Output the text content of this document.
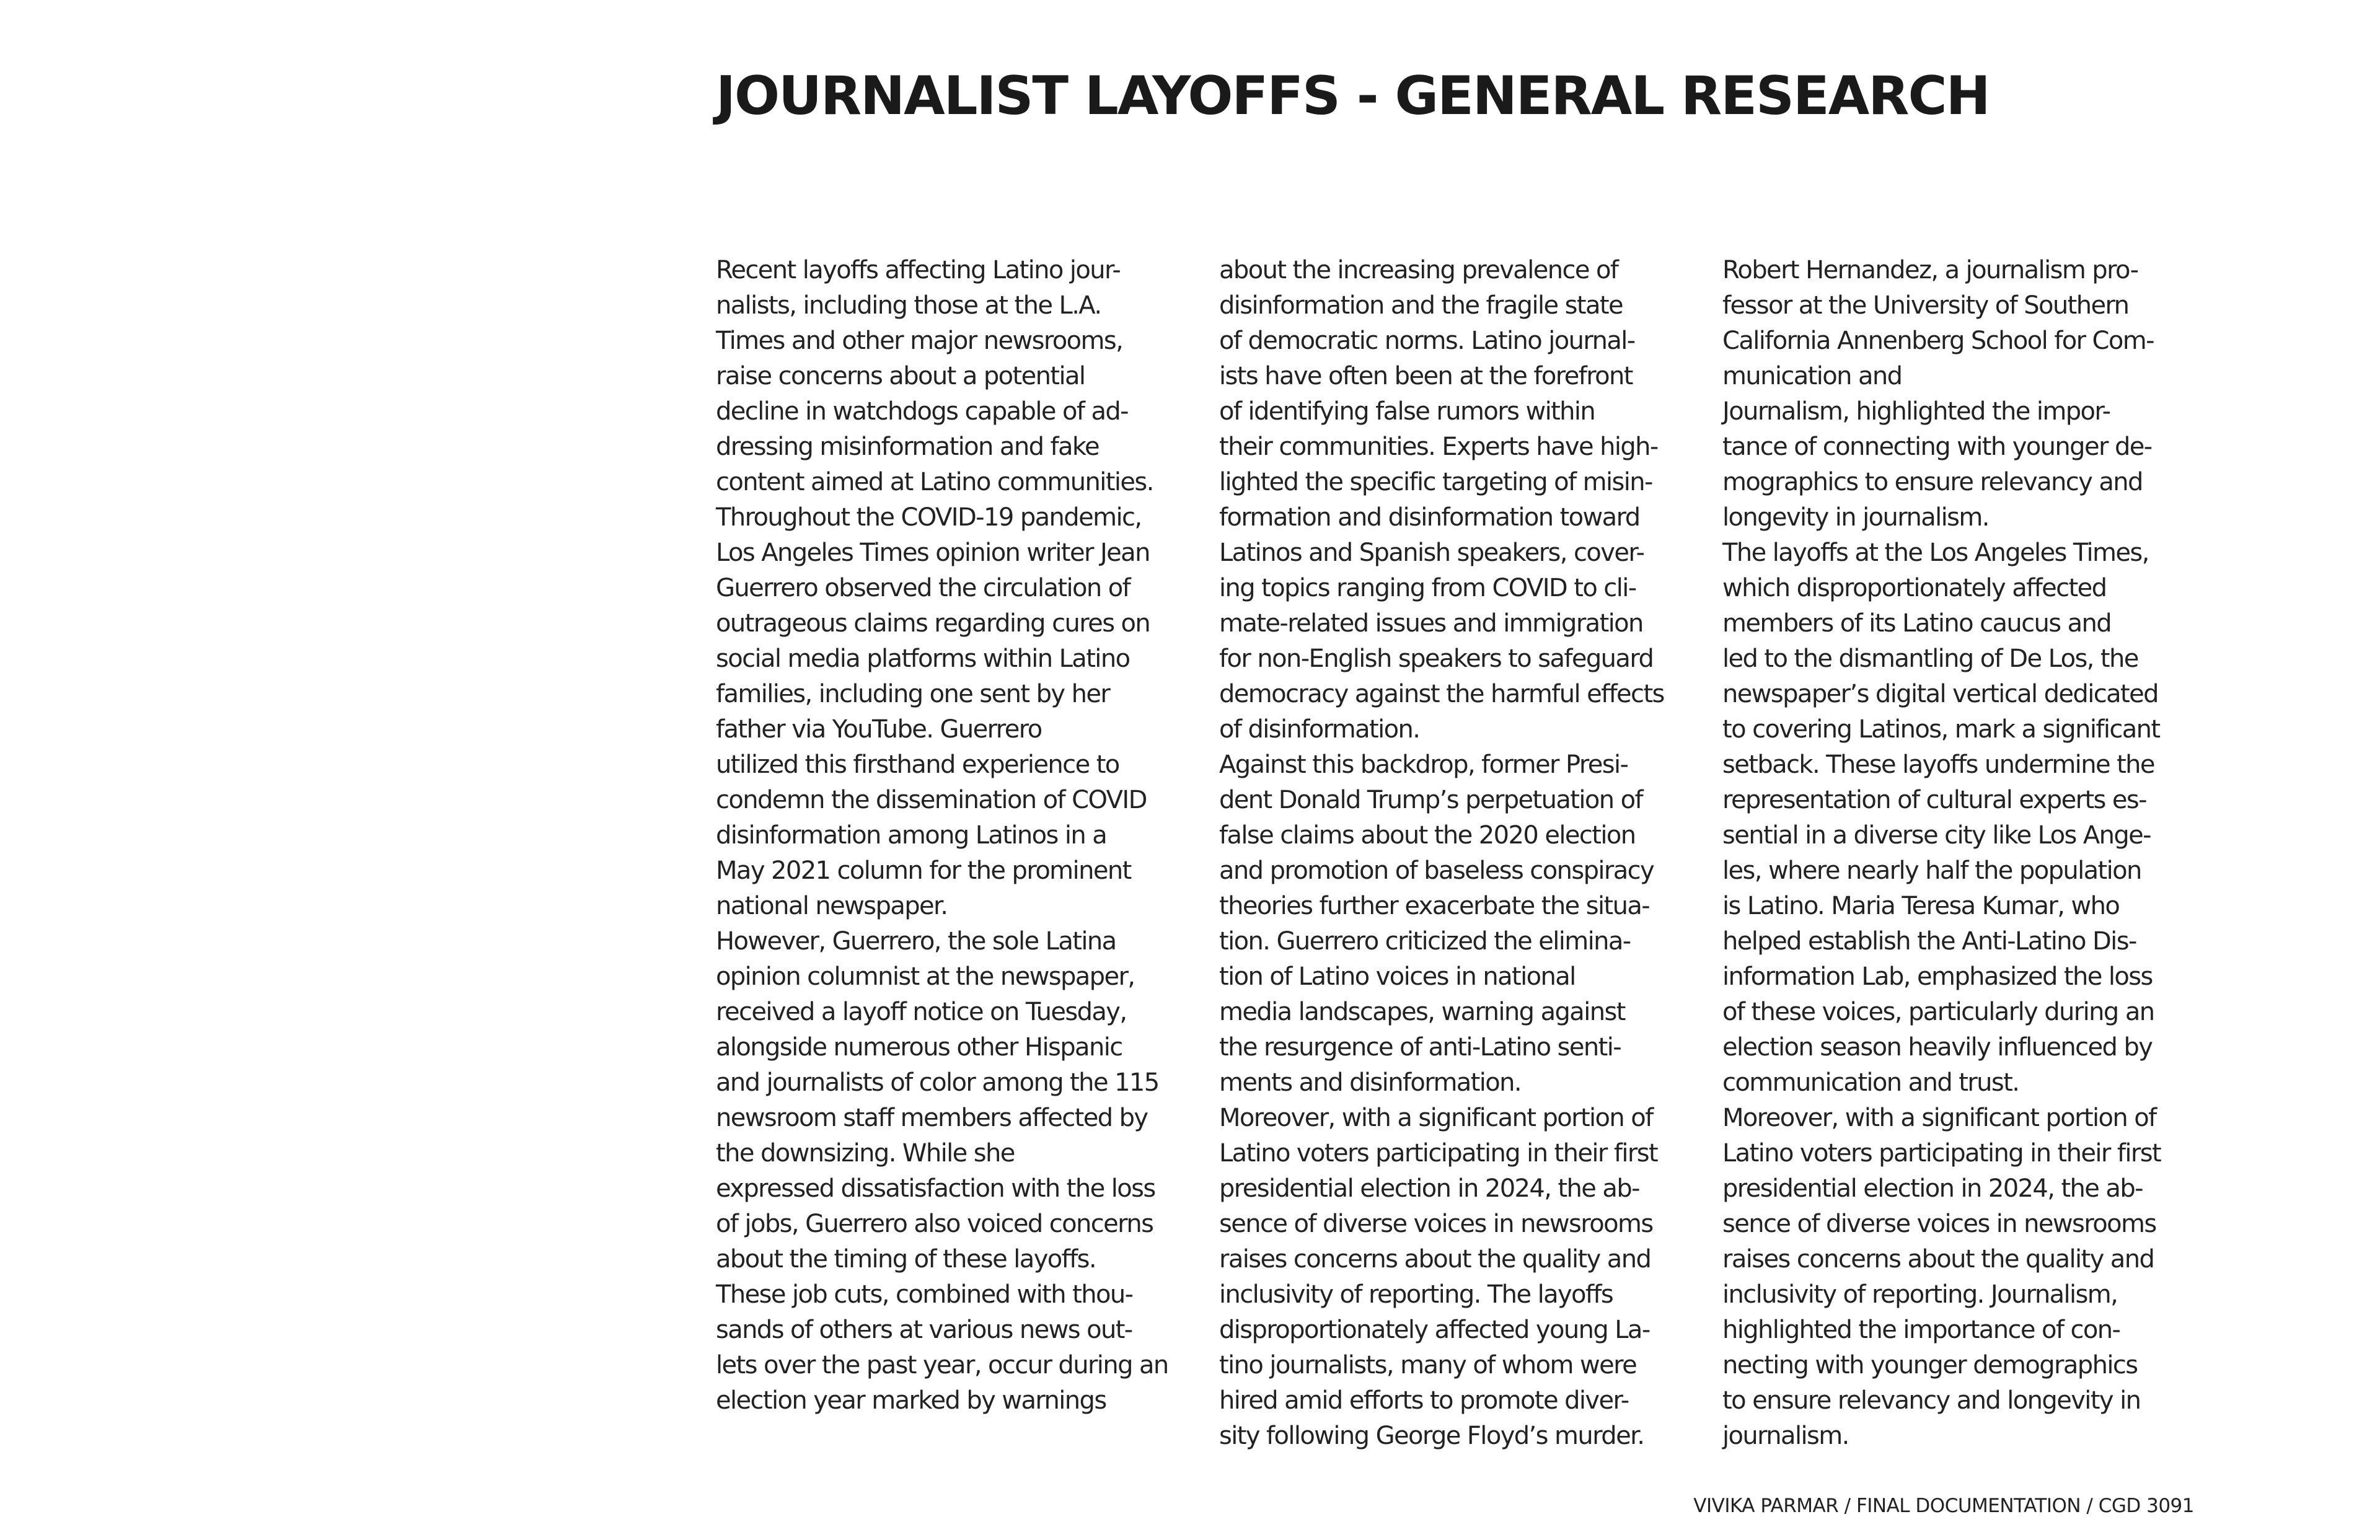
JOURNALIST LAYOFFS - GENERAL RESEARCH
Recent layoffs affecting Latino jour-
nalists, including those at the L.A.
Times and other major newsrooms,
raise concerns about a potential
decline in watchdogs capable of ad-
dressing misinformation and fake
content aimed at Latino communities.
Throughout the COVID-19 pandemic,
Los Angeles Times opinion writer Jean
Guerrero observed the circulation of
outrageous claims regarding cures on
social media platforms within Latino
families, including one sent by her
father via YouTube. Guerrero
utilized this firsthand experience to
condemn the dissemination of COVID
disinformation among Latinos in a
May 2021 column for the prominent
national newspaper.
However, Guerrero, the sole Latina
opinion columnist at the newspaper,
received a layoff notice on Tuesday,
alongside numerous other Hispanic
and journalists of color among the 115
newsroom staff members affected by
the downsizing. While she
expressed dissatisfaction with the loss
of jobs, Guerrero also voiced concerns
about the timing of these layoffs.
These job cuts, combined with thou-
sands of others at various news out-
lets over the past year, occur during an
election year marked by warnings
about the increasing prevalence of
disinformation and the fragile state
of democratic norms. Latino journal-
ists have often been at the forefront
of identifying false rumors within
their communities. Experts have high-
lighted the specific targeting of misin-
formation and disinformation toward
Latinos and Spanish speakers, cover-
ing topics ranging from COVID to cli-
mate-related issues and immigration
for non-English speakers to safeguard
democracy against the harmful effects
of disinformation.
Against this backdrop, former Presi-
dent Donald Trump’s perpetuation of
false claims about the 2020 election
and promotion of baseless conspiracy
theories further exacerbate the situa-
tion. Guerrero criticized the elimina-
tion of Latino voices in national
media landscapes, warning against
the resurgence of anti-Latino senti-
ments and disinformation.
Moreover, with a significant portion of
Latino voters participating in their first
presidential election in 2024, the ab-
sence of diverse voices in newsrooms
raises concerns about the quality and
inclusivity of reporting. The layoffs
disproportionately affected young La-
tino journalists, many of whom were
hired amid efforts to promote diver-
sity following George Floyd’s murder.
Robert Hernandez, a journalism pro-
fessor at the University of Southern
California Annenberg School for Com-
munication and
Journalism, highlighted the impor-
tance of connecting with younger de-
mographics to ensure relevancy and
longevity in journalism.
The layoffs at the Los Angeles Times,
which disproportionately affected
members of its Latino caucus and
led to the dismantling of De Los, the
newspaper’s digital vertical dedicated
to covering Latinos, mark a significant
setback. These layoffs undermine the
representation of cultural experts es-
sential in a diverse city like Los Ange-
les, where nearly half the population
is Latino. Maria Teresa Kumar, who
helped establish the Anti-Latino Dis-
information Lab, emphasized the loss
of these voices, particularly during an
election season heavily influenced by
communication and trust.
Moreover, with a significant portion of
Latino voters participating in their first
presidential election in 2024, the ab-
sence of diverse voices in newsrooms
raises concerns about the quality and
inclusivity of reporting. Journalism,
highlighted the importance of con-
necting with younger demographics
to ensure relevancy and longevity in
journalism.
VIVIKA PARMAR / FINAL DOCUMENTATION / CGD 3091
